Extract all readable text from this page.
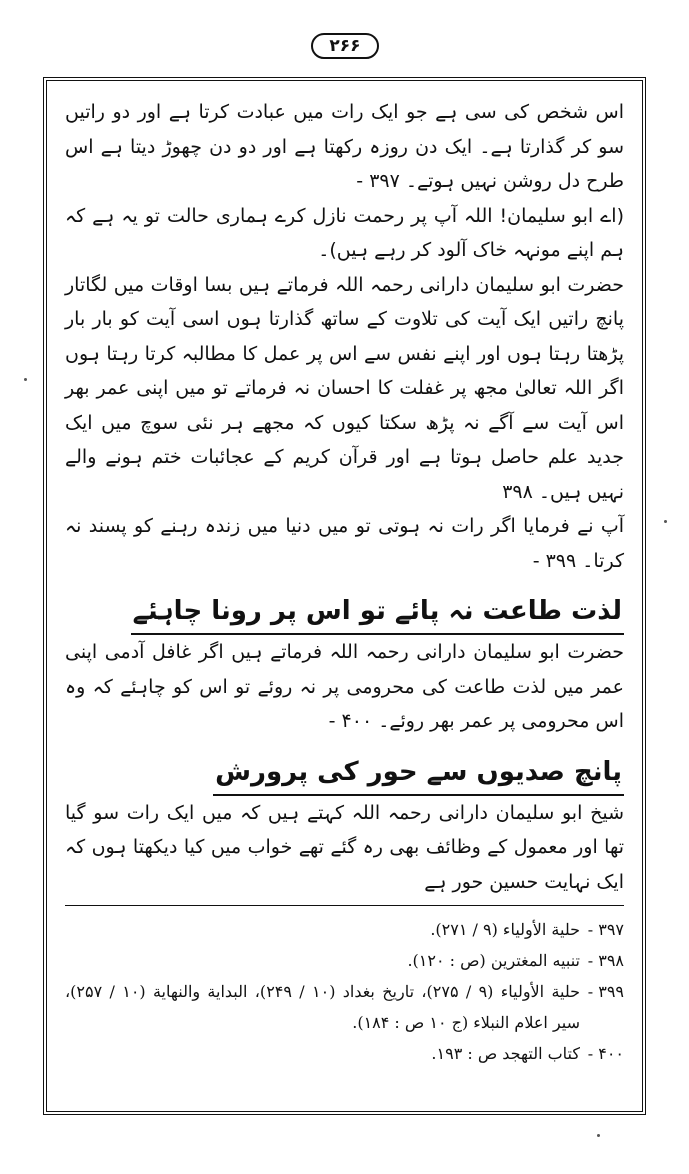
۲۶۶

اس شخص کی سی ہے جو ایک رات میں عبادت کرتا ہے اور دو راتیں سو کر گذارتا ہے۔ ایک دن روزہ رکھتا ہے اور دو دن چھوڑ دیتا ہے اس طرح دل روشن نہیں ہوتے۔ ۳۹۷ -

(اے ابو سلیمان! اللہ آپ پر رحمت نازل کرے ہماری حالت تو یہ ہے کہ ہم اپنے مونہہ خاک آلود کر رہے ہیں)۔

حضرت ابو سلیمان دارانی رحمہ اللہ فرماتے ہیں بسا اوقات میں لگاتار پانچ راتیں ایک آیت کی تلاوت کے ساتھ گذارتا ہوں اسی آیت کو بار بار پڑھتا رہتا ہوں اور اپنے نفس سے اس پر عمل کا مطالبہ کرتا رہتا ہوں اگر اللہ تعالیٰ مجھ پر غفلت کا احسان نہ فرماتے تو میں اپنی عمر بھر اس آیت سے آگے نہ پڑھ سکتا کیوں کہ مجھے ہر نئی سوچ میں ایک جدید علم حاصل ہوتا ہے اور قرآن کریم کے عجائبات ختم ہونے والے نہیں ہیں۔ ۳۹۸

آپ نے فرمایا اگر رات نہ ہوتی تو میں دنیا میں زندہ رہنے کو پسند نہ کرتا۔ ۳۹۹ -

لذت طاعت نہ پائے تو اس پر رونا چاہئے

حضرت ابو سلیمان دارانی رحمہ اللہ فرماتے ہیں اگر غافل آدمی اپنی عمر میں لذت طاعت کی محرومی پر نہ روئے تو اس کو چاہئے کہ وہ اس محرومی پر عمر بھر روئے۔ ۴۰۰ -

پانچ صدیوں سے حور کی پرورش

شیخ ابو سلیمان دارانی رحمہ اللہ کہتے ہیں کہ میں ایک رات سو گیا تھا اور معمول کے وظائف بھی رہ گئے تھے خواب میں کیا دیکھتا ہوں کہ ایک نہایت حسین حور ہے

۳۹۷ -
حلية الأولياء (۹ / ۲۷۱).
۳۹۸ -
تنبيه المغترين (ص : ۱۲۰).
۳۹۹ -
حلية الأولياء (۹ / ۲۷۵)، تاريخ بغداد (۱۰ / ۲۴۹)، البداية والنهاية (۱۰ / ۲۵۷)، سير اعلام النبلاء (ج ۱۰ ص : ۱۸۴).
۴۰۰ -
كتاب التهجد ص : ۱۹۳.
